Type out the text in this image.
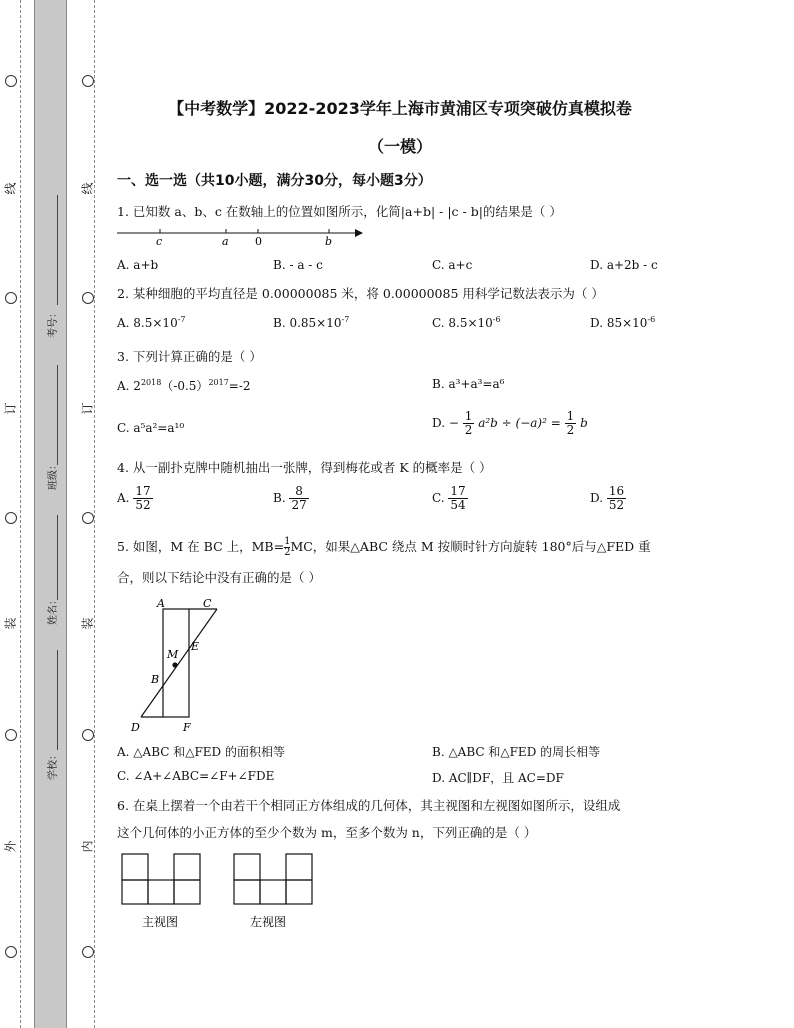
线
订
装
外
线
订
装
内
考号：
班级：
姓名：
学校：
【中考数学】2022-2023学年上海市黄浦区专项突破仿真模拟卷
（一模）
一、选一选（共10小题，满分30分，每小题3分）
1. 已知数 a、b、c 在数轴上的位置如图所示，化简|a+b| - |c - b|的结果是（ ）
c	a 0	b
A. a+b	B. - a - c	C. a+c	D. a+2b - c
2. 某种细胞的平均直径是 0.00000085 米，将 0.00000085 用科学记数法表示为（ ）
A. $8.5\times 10^{-7}$	B. $0.85\times 10^{-7}$	C. $8.5\times 10^{-6}$	D. $85\times 10^{-6}$
3. 下列计算正确的是（ ）
A. $2^{2018}(-0.5)^{2017}=-2$	B. a³+a³=a⁶
C. a⁵a²=a¹⁰	D. − $\frac{1}{2} a^2b \div (-a)^2 = \frac{1}{2}$ b
4. 从一副扑克牌中随机抽出一张牌，得到梅花或者 K 的概率是（ ）
A. $\frac{17}{52}$	B. $\frac{8}{27}$	C. $\frac{17}{54}$	D. $\frac{16}{52}$
5. 如图，M 在 BC 上，$MB= \frac{1}{2}MC$，如果△ABC 绕点 M 按顺时针方向旋转 180°后与△FED 重
合，则以下结论中没有正确的是（ ）
A	C
M
E
B
D	F
A. △ABC 和△FED 的面积相等	B. △ABC 和△FED 的周长相等
C. ∠A+∠ABC=∠F+∠FDE	D. AC∥DF，且 AC=DF
6. 在桌上摆着一个由若干个相同正方体组成的几何体，其主视图和左视图如图所示，设组成
这个几何体的小正方体的至少个数为 m，至多个数为 n，下列正确的是（ ）
主视图	左视图
